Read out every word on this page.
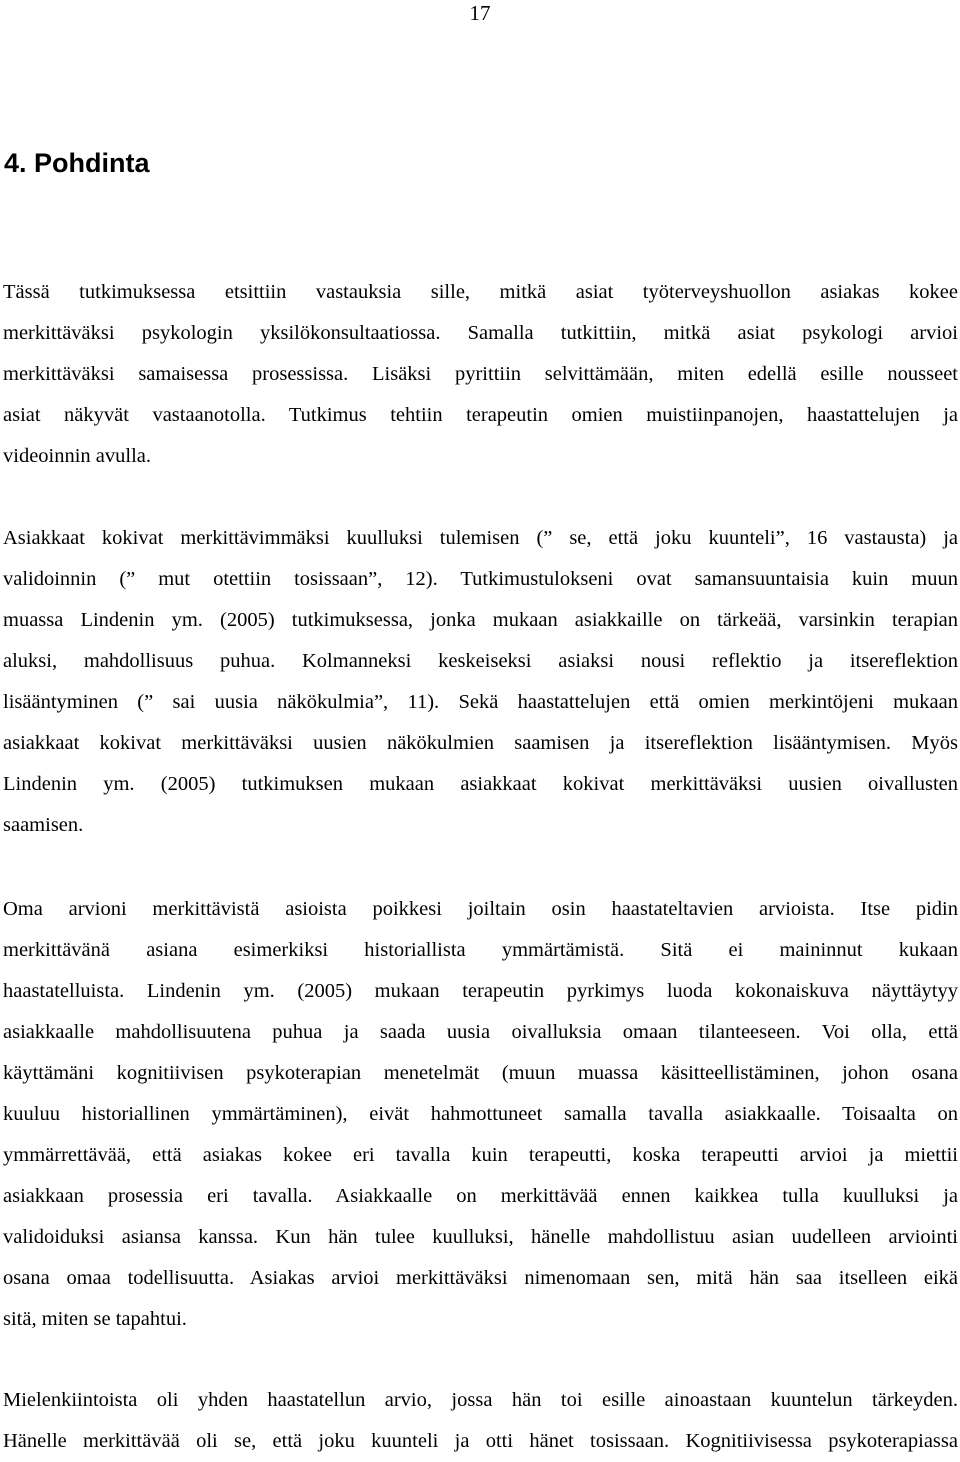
17
4. Pohdinta
Tässä tutkimuksessa etsittiin vastauksia sille, mitkä asiat työterveyshuollon asiakas kokee
merkittäväksi psykologin yksilökonsultaatiossa. Samalla tutkittiin, mitkä asiat psykologi arvioi
merkittäväksi samaisessa prosessissa. Lisäksi pyrittiin selvittämään, miten edellä esille nousseet
asiat näkyvät vastaanotolla. Tutkimus tehtiin terapeutin omien muistiinpanojen, haastattelujen ja
videoinnin avulla.
Asiakkaat kokivat merkittävimmäksi kuulluksi tulemisen (” se, että joku kuunteli”, 16 vastausta) ja
validoinnin (” mut otettiin tosissaan”, 12). Tutkimustulokseni ovat samansuuntaisia kuin muun
muassa Lindenin ym. (2005) tutkimuksessa, jonka mukaan asiakkaille on tärkeää, varsinkin terapian
aluksi, mahdollisuus puhua. Kolmanneksi keskeiseksi asiaksi nousi reflektio ja itsereflektion
lisääntyminen (” sai uusia näkökulmia”, 11). Sekä haastattelujen että omien merkintöjeni mukaan
asiakkaat kokivat merkittäväksi uusien näkökulmien saamisen ja itsereflektion lisääntymisen. Myös
Lindenin ym. (2005) tutkimuksen mukaan asiakkaat kokivat merkittäväksi uusien oivallusten
saamisen.
Oma arvioni merkittävistä asioista poikkesi joiltain osin haastateltavien arvioista. Itse pidin
merkittävänä asiana esimerkiksi historiallista ymmärtämistä. Sitä ei maininnut kukaan
haastatelluista. Lindenin ym. (2005) mukaan terapeutin pyrkimys luoda kokonaiskuva näyttäytyy
asiakkaalle mahdollisuutena puhua ja saada uusia oivalluksia omaan tilanteeseen. Voi olla, että
käyttämäni kognitiivisen psykoterapian menetelmät (muun muassa käsitteellistäminen, johon osana
kuuluu historiallinen ymmärtäminen), eivät hahmottuneet samalla tavalla asiakkaalle. Toisaalta on
ymmärrettävää, että asiakas kokee eri tavalla kuin terapeutti, koska terapeutti arvioi ja miettii
asiakkaan prosessia eri tavalla. Asiakkaalle on merkittävää ennen kaikkea tulla kuulluksi ja
validoiduksi asiansa kanssa. Kun hän tulee kuulluksi, hänelle mahdollistuu asian uudelleen arviointi
osana omaa todellisuutta. Asiakas arvioi merkittäväksi nimenomaan sen, mitä hän saa itselleen eikä
sitä, miten se tapahtui.
Mielenkiintoista oli yhden haastatellun arvio, jossa hän toi esille ainoastaan kuuntelun tärkeyden.
Hänelle merkittävää oli se, että joku kuunteli ja otti hänet tosissaan. Kognitiivisessa psykoterapiassa
